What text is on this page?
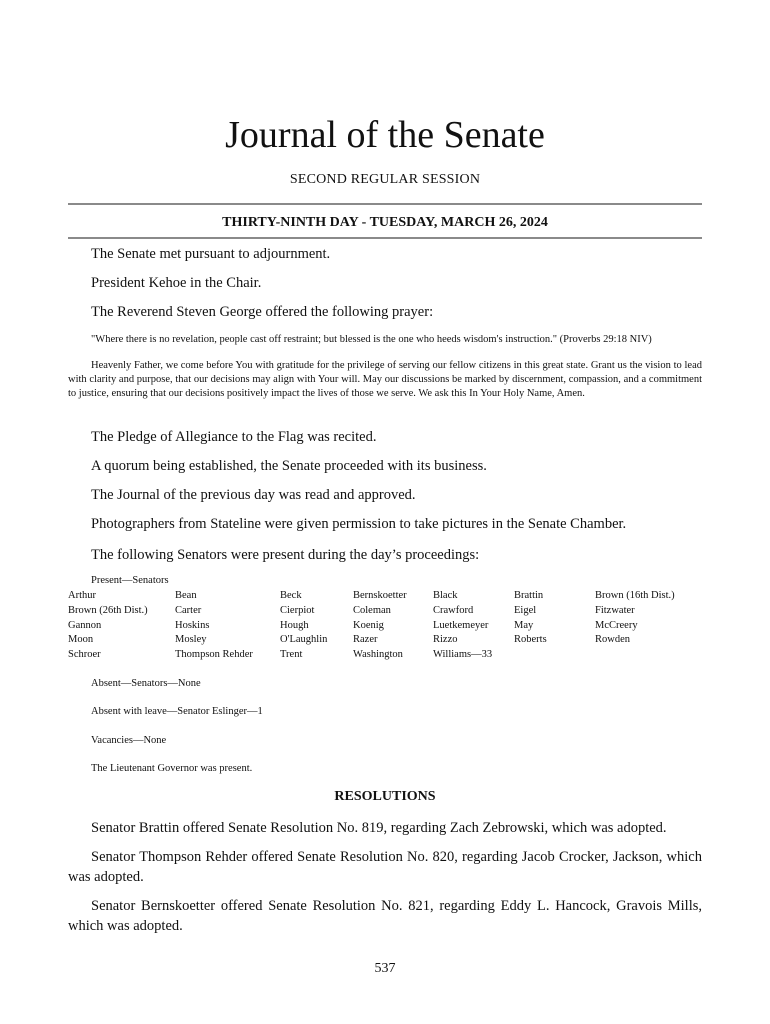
Journal of the Senate
SECOND REGULAR SESSION
THIRTY-NINTH DAY - TUESDAY, MARCH 26, 2024

The Senate met pursuant to adjournment.

President Kehoe in the Chair.

The Reverend Steven George offered the following prayer:

"Where there is no revelation, people cast off restraint; but blessed is the one who heeds wisdom's instruction." (Proverbs 29:18 NIV)

Heavenly Father, we come before You with gratitude for the privilege of serving our fellow citizens in this great state. Grant us the vision to lead with clarity and purpose, that our decisions may align with Your will. May our discussions be marked by discernment, compassion, and a commitment to justice, ensuring that our decisions positively impact the lives of those we serve. We ask this In Your Holy Name, Amen.

The Pledge of Allegiance to the Flag was recited.

A quorum being established, the Senate proceeded with its business.

The Journal of the previous day was read and approved.

Photographers from Stateline were given permission to take pictures in the Senate Chamber.

The following Senators were present during the day’s proceedings:

Present—Senators
Arthur
Brown (26th Dist.)
Gannon
Moon
Schroer
Bean
Carter
Hoskins
Mosley
Thompson Rehder
Beck
Cierpiot
Hough
O'Laughlin
Trent
Bernskoetter
Coleman
Koenig
Razer
Washington
Black
Crawford
Luetkemeyer
Rizzo
Williams—33
Brattin
Eigel
May
Roberts
Brown (16th Dist.)
Fitzwater
McCreery
Rowden
Absent—Senators—None
Absent with leave—Senator Eslinger—1
Vacancies—None
The Lieutenant Governor was present.
RESOLUTIONS

Senator Brattin offered Senate Resolution No. 819, regarding Zach Zebrowski, which was adopted.

Senator Thompson Rehder offered Senate Resolution No. 820, regarding Jacob Crocker, Jackson, which was adopted.

Senator Bernskoetter offered Senate Resolution No. 821, regarding Eddy L. Hancock, Gravois Mills, which was adopted.

537
